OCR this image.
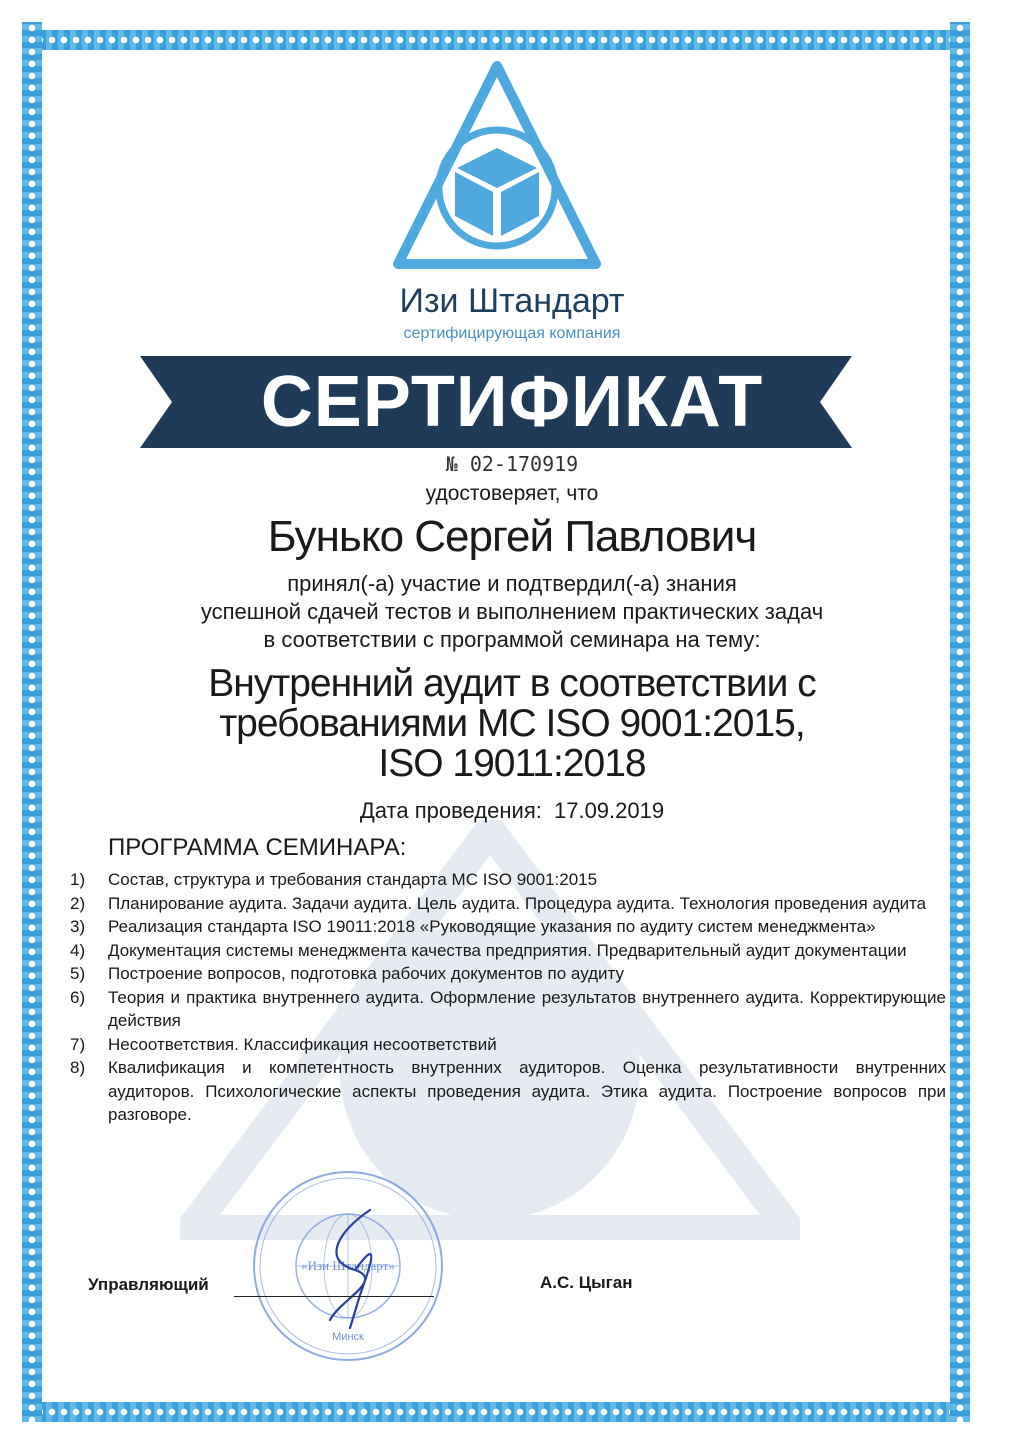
Изи Штандарт
сертифицирующая компания
СЕРТИФИКАТ
№ 02-170919
удостоверяет, что
Бунько Сергей Павлович
принял(-а) участие и подтвердил(-а) знания
успешной сдачей тестов и выполнением практических задач
в соответствии с программой семинара на тему:
Внутренний аудит в соответствии с
требованиями МС ISO 9001:2015,
ISO 19011:2018
Дата проведения: 17.09.2019
ПРОГРАММА СЕМИНАРА:
1)	Состав, структура и требования стандарта МС ISO 9001:2015
2)	Планирование аудита. Задачи аудита. Цель аудита. Процедура аудита. Технология проведения аудита
3)	Реализация стандарта ISO 19011:2018 «Руководящие указания по аудиту систем менеджмента»
4)	Документация системы менеджмента качества предприятия. Предварительный аудит документации
5)	Построение вопросов, подготовка рабочих документов по аудиту
6)	Теория и практика внутреннего аудита. Оформление результатов внутреннего аудита. Корректирующие действия
7)	Несоответствия. Классификация несоответствий
8)	Квалификация и компетентность внутренних аудиторов. Оценка результативности внутренних аудиторов. Психологические аспекты проведения аудита. Этика аудита. Построение вопросов при разговоре.
«Изи Штандарт»
Минск
Управляющий	А.С. Цыган
